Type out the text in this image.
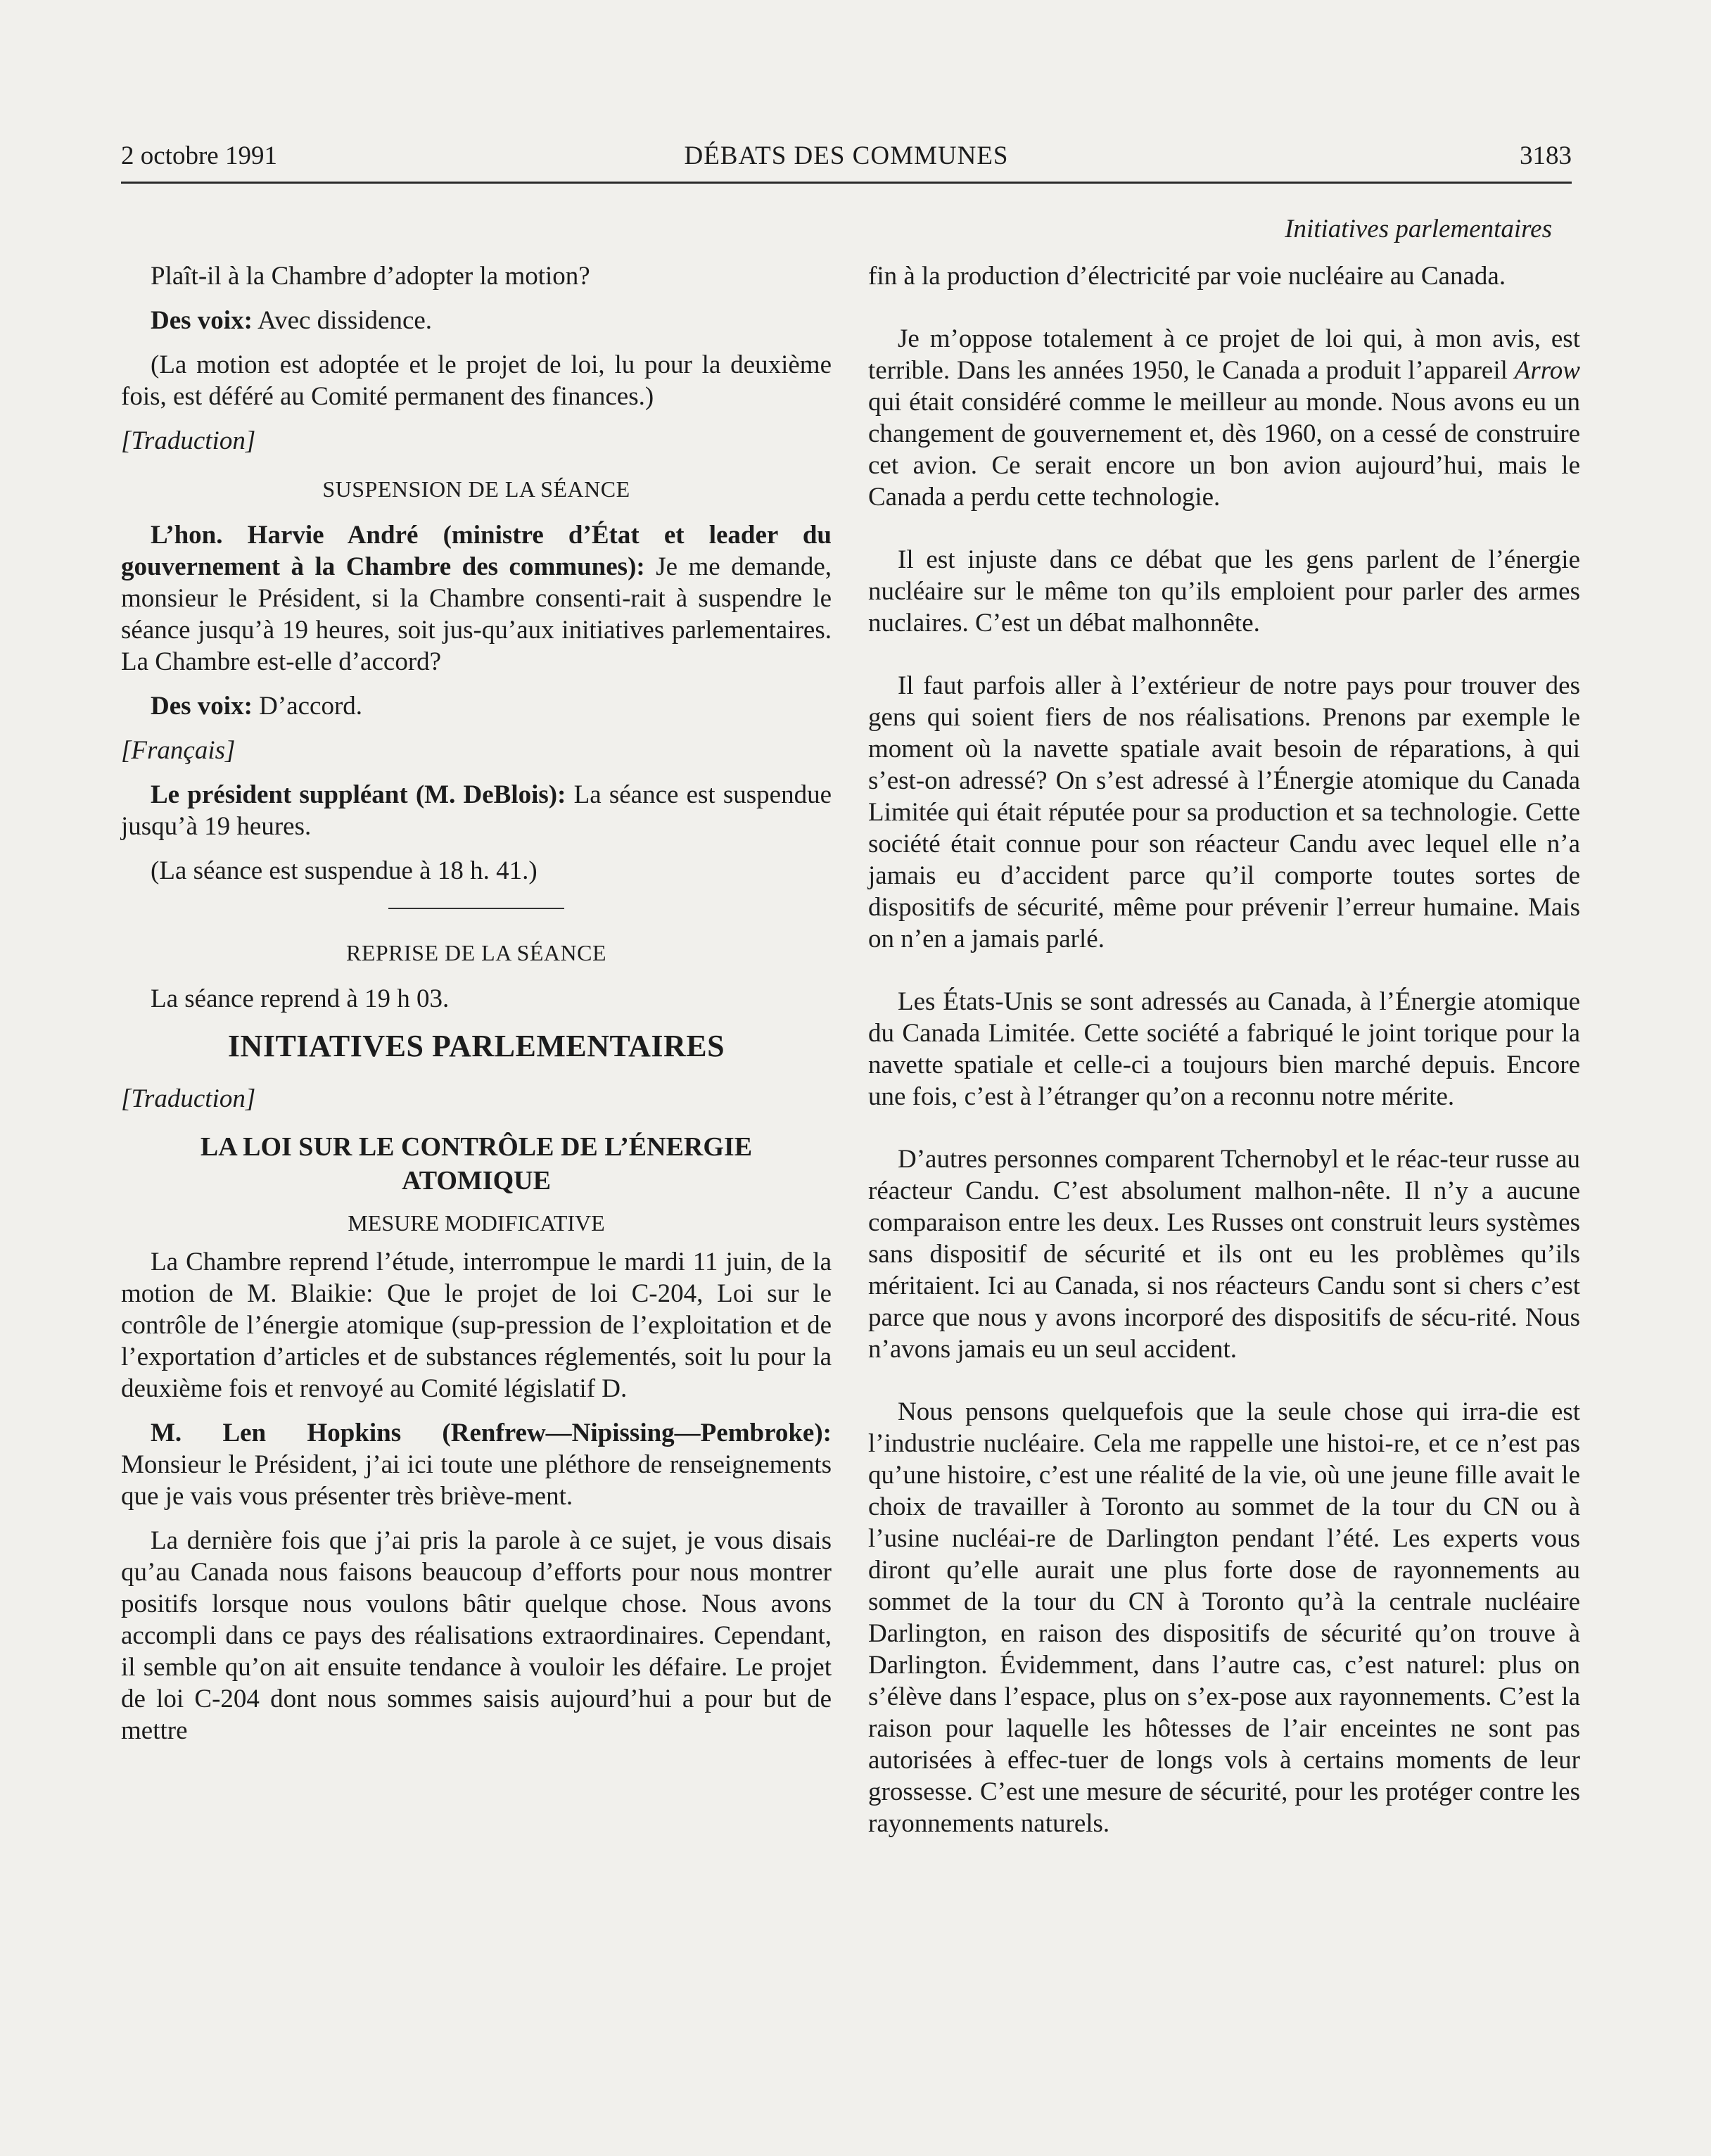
2 octobre 1991	DÉBATS DES COMMUNES	3183
Initiatives parlementaires

Plaît-il à la Chambre d’adopter la motion?

Des voix: Avec dissidence.

(La motion est adoptée et le projet de loi, lu pour la deuxième fois, est déféré au Comité permanent des finances.)

[Traduction]

SUSPENSION DE LA SÉANCE

L’hon. Harvie André (ministre d’État et leader du gouvernement à la Chambre des communes): Je me demande, monsieur le Président, si la Chambre consenti-rait à suspendre le séance jusqu’à 19 heures, soit jus-qu’aux initiatives parlementaires. La Chambre est-elle d’accord?

Des voix: D’accord.

[Français]

Le président suppléant (M. DeBlois): La séance est suspendue jusqu’à 19 heures.

(La séance est suspendue à 18 h. 41.)

REPRISE DE LA SÉANCE

La séance reprend à 19 h 03.

INITIATIVES PARLEMENTAIRES

[Traduction]

LA LOI SUR LE CONTRÔLE DE L’ÉNERGIE ATOMIQUE
MESURE MODIFICATIVE

La Chambre reprend l’étude, interrompue le mardi 11 juin, de la motion de M. Blaikie: Que le projet de loi C-204, Loi sur le contrôle de l’énergie atomique (sup-pression de l’exploitation et de l’exportation d’articles et de substances réglementés, soit lu pour la deuxième fois et renvoyé au Comité législatif D.

M. Len Hopkins (Renfrew—Nipissing—Pembroke): Monsieur le Président, j’ai ici toute une pléthore de renseignements que je vais vous présenter très briève-ment.

La dernière fois que j’ai pris la parole à ce sujet, je vous disais qu’au Canada nous faisons beaucoup d’efforts pour nous montrer positifs lorsque nous voulons bâtir quelque chose. Nous avons accompli dans ce pays des réalisations extraordinaires. Cependant, il semble qu’on ait ensuite tendance à vouloir les défaire. Le projet de loi C-204 dont nous sommes saisis aujourd’hui a pour but de mettre

fin à la production d’électricité par voie nucléaire au Canada.

Je m’oppose totalement à ce projet de loi qui, à mon avis, est terrible. Dans les années 1950, le Canada a produit l’appareil Arrow qui était considéré comme le meilleur au monde. Nous avons eu un changement de gouvernement et, dès 1960, on a cessé de construire cet avion. Ce serait encore un bon avion aujourd’hui, mais le Canada a perdu cette technologie.

Il est injuste dans ce débat que les gens parlent de l’énergie nucléaire sur le même ton qu’ils emploient pour parler des armes nuclaires. C’est un débat malhonnête.

Il faut parfois aller à l’extérieur de notre pays pour trouver des gens qui soient fiers de nos réalisations. Prenons par exemple le moment où la navette spatiale avait besoin de réparations, à qui s’est-on adressé? On s’est adressé à l’Énergie atomique du Canada Limitée qui était réputée pour sa production et sa technologie. Cette société était connue pour son réacteur Candu avec lequel elle n’a jamais eu d’accident parce qu’il comporte toutes sortes de dispositifs de sécurité, même pour prévenir l’erreur humaine. Mais on n’en a jamais parlé.

Les États-Unis se sont adressés au Canada, à l’Énergie atomique du Canada Limitée. Cette société a fabriqué le joint torique pour la navette spatiale et celle-ci a toujours bien marché depuis. Encore une fois, c’est à l’étranger qu’on a reconnu notre mérite.

D’autres personnes comparent Tchernobyl et le réac-teur russe au réacteur Candu. C’est absolument malhon-nête. Il n’y a aucune comparaison entre les deux. Les Russes ont construit leurs systèmes sans dispositif de sécurité et ils ont eu les problèmes qu’ils méritaient. Ici au Canada, si nos réacteurs Candu sont si chers c’est parce que nous y avons incorporé des dispositifs de sécu-rité. Nous n’avons jamais eu un seul accident.

Nous pensons quelquefois que la seule chose qui irra-die est l’industrie nucléaire. Cela me rappelle une histoi-re, et ce n’est pas qu’une histoire, c’est une réalité de la vie, où une jeune fille avait le choix de travailler à Toronto au sommet de la tour du CN ou à l’usine nucléai-re de Darlington pendant l’été. Les experts vous diront qu’elle aurait une plus forte dose de rayonnements au sommet de la tour du CN à Toronto qu’à la centrale nucléaire Darlington, en raison des dispositifs de sécurité qu’on trouve à Darlington. Évidemment, dans l’autre cas, c’est naturel: plus on s’élève dans l’espace, plus on s’ex-pose aux rayonnements. C’est la raison pour laquelle les hôtesses de l’air enceintes ne sont pas autorisées à effec-tuer de longs vols à certains moments de leur grossesse. C’est une mesure de sécurité, pour les protéger contre les rayonnements naturels.
